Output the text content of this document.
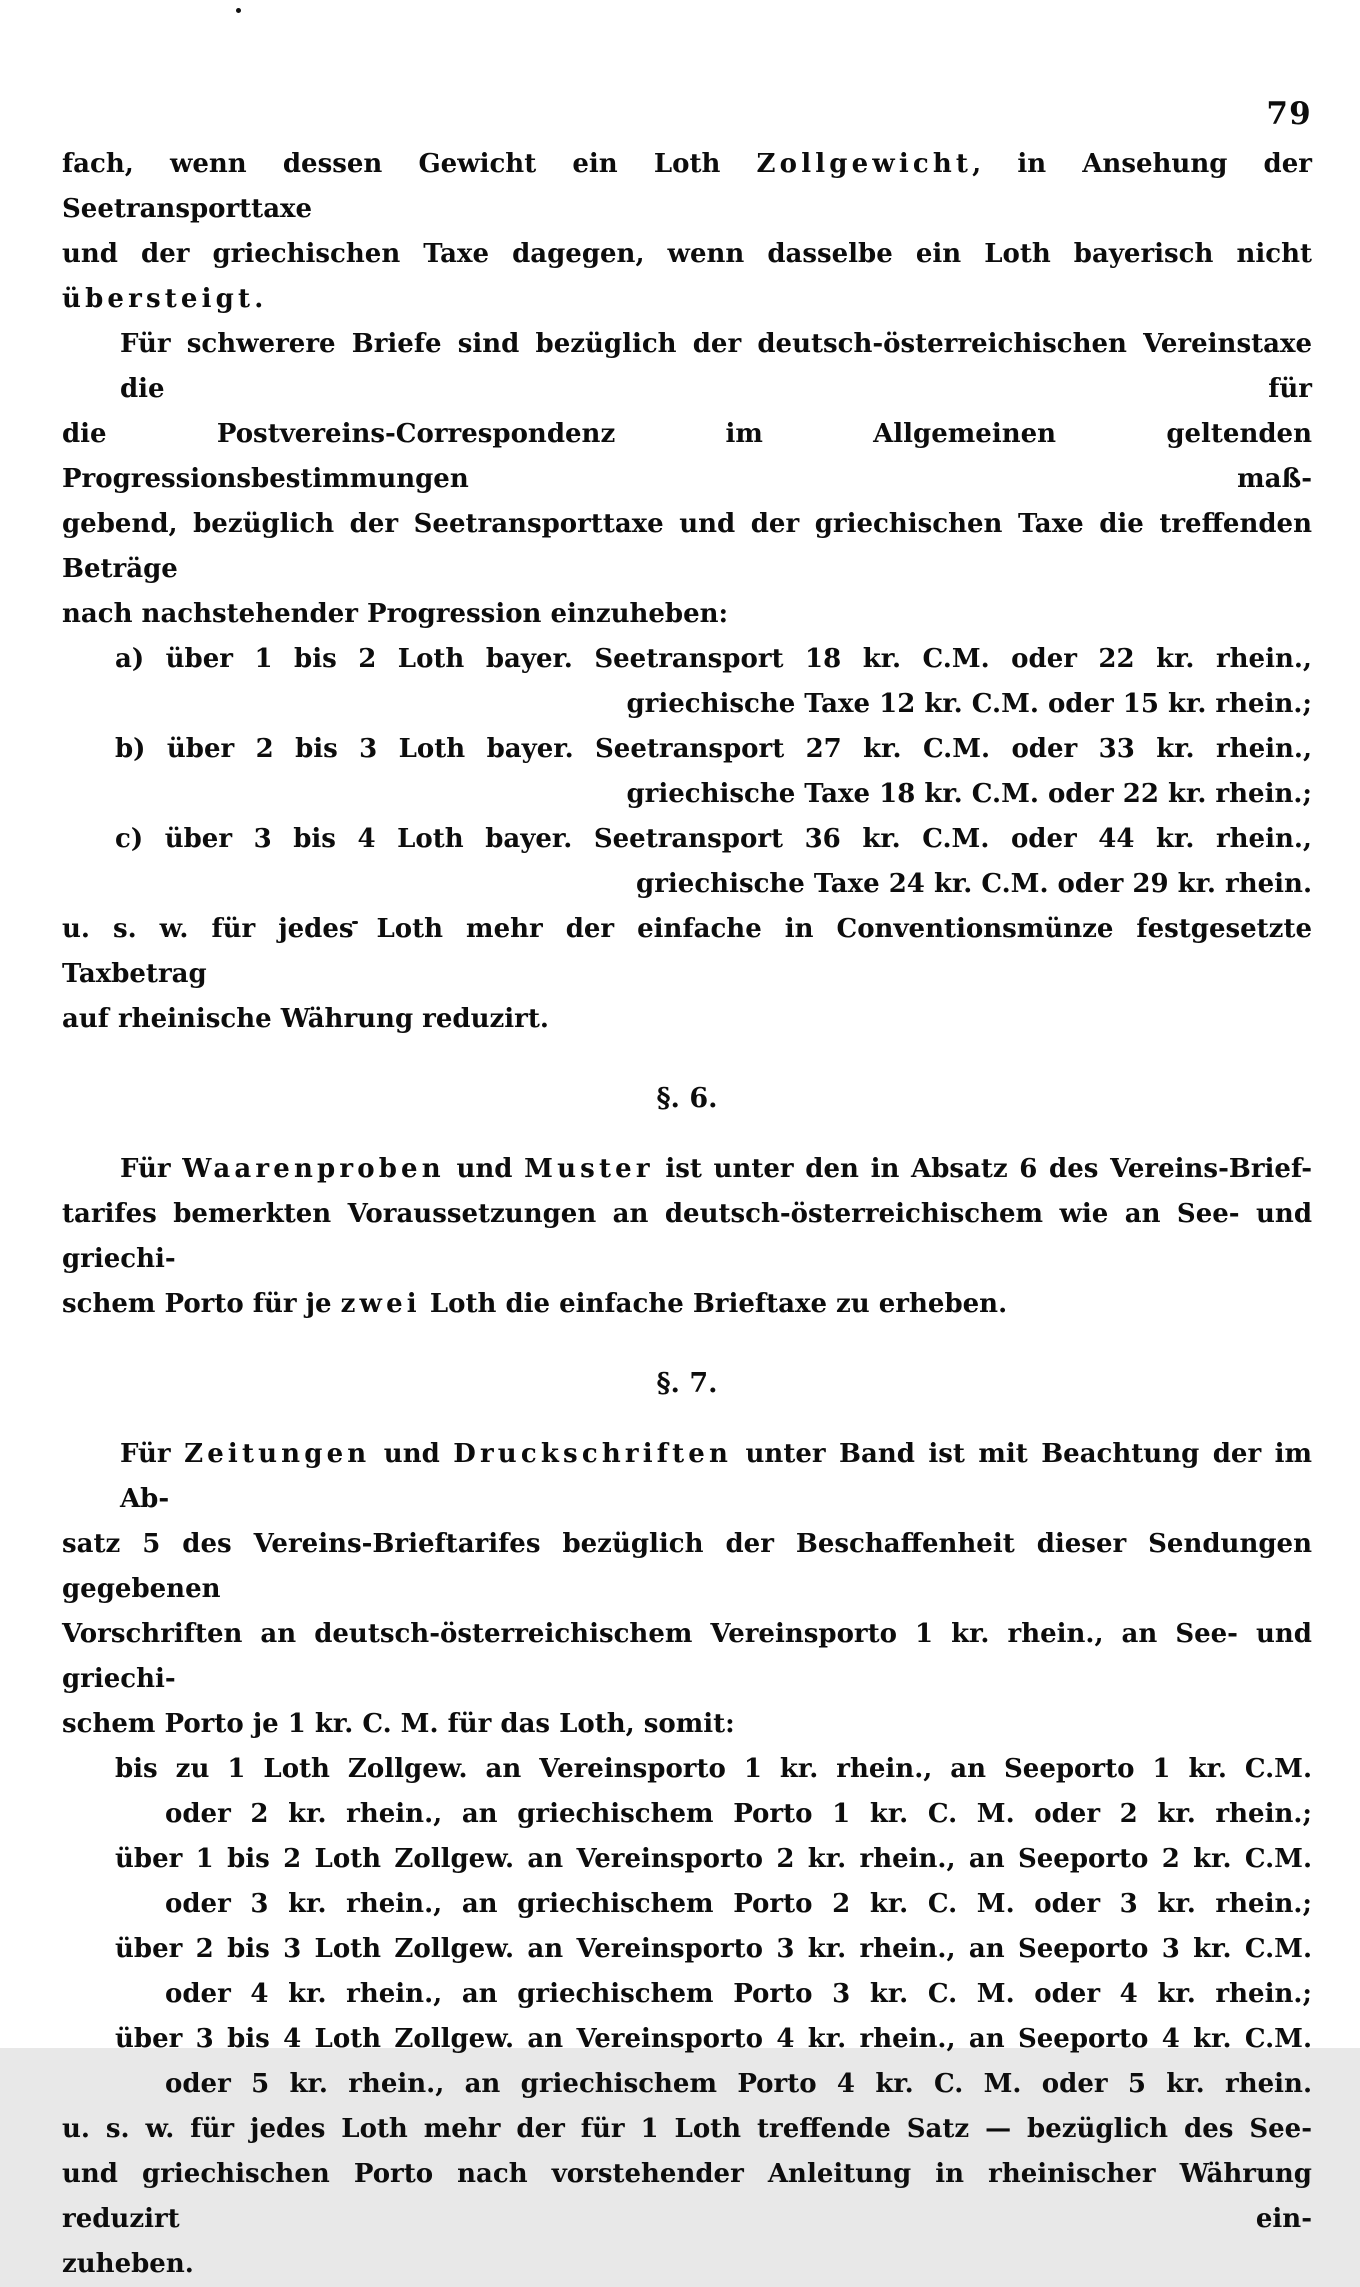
79
fach, wenn dessen Gewicht ein Loth Zollgewicht, in Ansehung der Seetransporttaxe
und der griechischen Taxe dagegen, wenn dasselbe ein Loth bayerisch nicht übersteigt.
Für schwerere Briefe sind bezüglich der deutsch-österreichischen Vereinstaxe die für
die Postvereins-Correspondenz im Allgemeinen geltenden Progressionsbestimmungen maß-
gebend, bezüglich der Seetransporttaxe und der griechischen Taxe die treffenden Beträge
nach nachstehender Progression einzuheben:
a) über 1 bis 2 Loth bayer. Seetransport 18 kr. C.M. oder 22 kr. rhein.,
griechische Taxe 12 kr. C.M. oder 15 kr. rhein.;
b) über 2 bis 3 Loth bayer. Seetransport 27 kr. C.M. oder 33 kr. rhein.,
griechische Taxe 18 kr. C.M. oder 22 kr. rhein.;
c) über 3 bis 4 Loth bayer. Seetransport 36 kr. C.M. oder 44 kr. rhein.,
griechische Taxe 24 kr. C.M. oder 29 kr. rhein.
u. s. w. für jedes Loth mehr der einfache in Conventionsmünze festgesetzte Taxbetrag
auf rheinische Währung reduzirt.
§. 6.
Für Waarenproben und Muster ist unter den in Absatz 6 des Vereins-Brief-
tarifes bemerkten Voraussetzungen an deutsch-österreichischem wie an See- und griechi-
schem Porto für je zwei Loth die einfache Brieftaxe zu erheben.
§. 7.
Für Zeitungen und Druckschriften unter Band ist mit Beachtung der im Ab-
satz 5 des Vereins-Brieftarifes bezüglich der Beschaffenheit dieser Sendungen gegebenen
Vorschriften an deutsch-österreichischem Vereinsporto 1 kr. rhein., an See- und griechi-
schem Porto je 1 kr. C. M. für das Loth, somit:
bis zu 1 Loth Zollgew. an Vereinsporto 1 kr. rhein., an Seeporto 1 kr. C.M.
oder 2 kr. rhein., an griechischem Porto 1 kr. C. M. oder 2 kr. rhein.;
über 1 bis 2 Loth Zollgew. an Vereinsporto 2 kr. rhein., an Seeporto 2 kr. C.M.
oder 3 kr. rhein., an griechischem Porto 2 kr. C. M. oder 3 kr. rhein.;
über 2 bis 3 Loth Zollgew. an Vereinsporto 3 kr. rhein., an Seeporto 3 kr. C.M.
oder 4 kr. rhein., an griechischem Porto 3 kr. C. M. oder 4 kr. rhein.;
über 3 bis 4 Loth Zollgew. an Vereinsporto 4 kr. rhein., an Seeporto 4 kr. C.M.
oder 5 kr. rhein., an griechischem Porto 4 kr. C. M. oder 5 kr. rhein.
u. s. w. für jedes Loth mehr der für 1 Loth treffende Satz — bezüglich des See-
und griechischen Porto nach vorstehender Anleitung in rheinischer Währung reduzirt ein-
zuheben.
